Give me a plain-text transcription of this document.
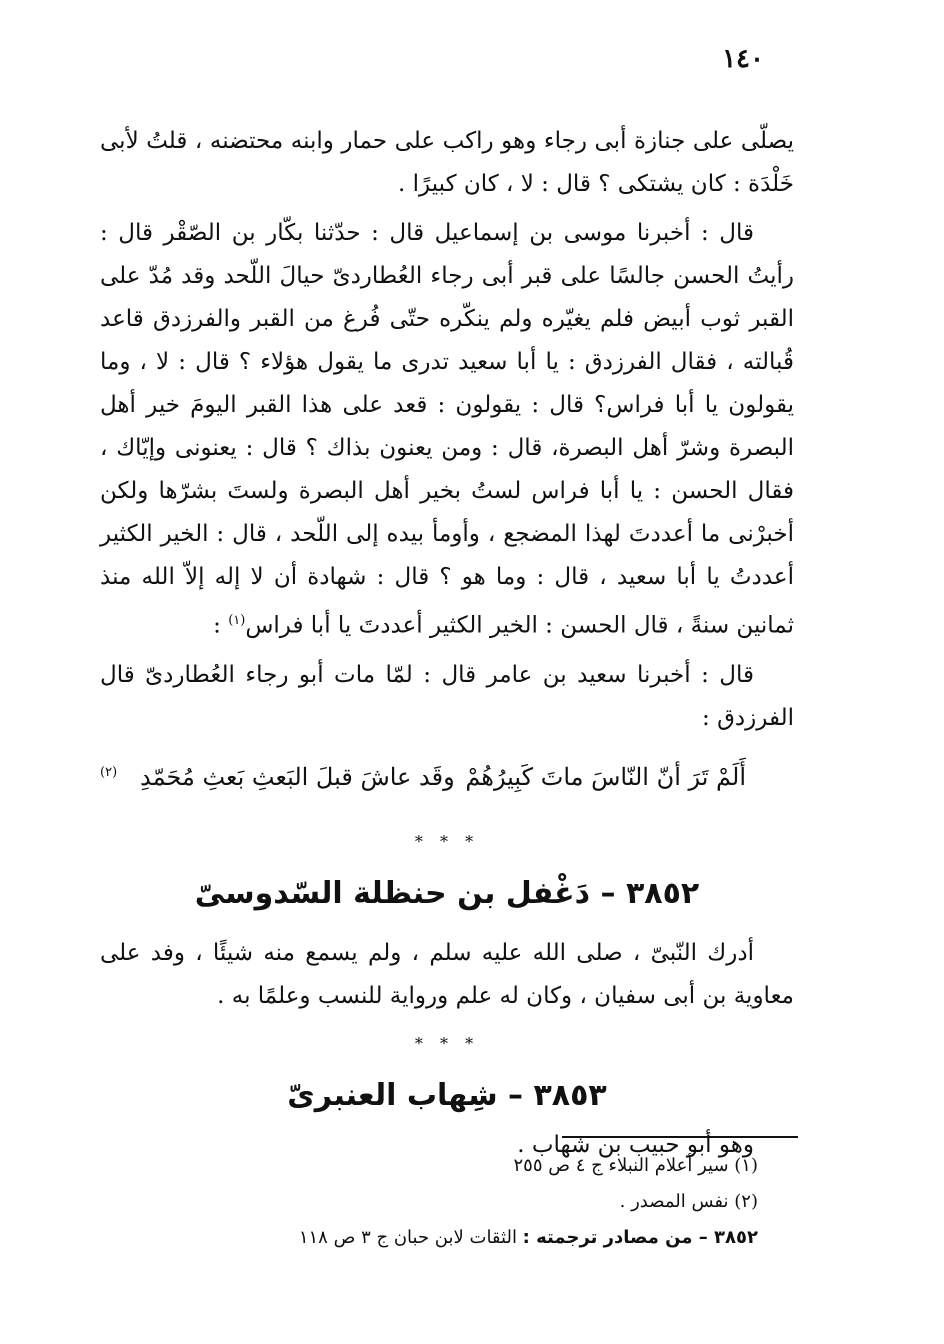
١٤٠

يصلّى على جنازة أبى رجاء وهو راكب على حمار وابنه محتضنه ، قلتُ لأبى خَلْدَة : كان يشتكى ؟ قال : لا ، كان كبيرًا .

قال : أخبرنا موسى بن إسماعيل قال : حدّثنا بكّار بن الصّقْر قال : رأيتُ الحسن جالسًا على قبر أبى رجاء العُطاردىّ حيالَ اللّحد وقد مُدّ على القبر ثوب أبيض فلم يغيّره ولم ينكّره حتّى فُرغ من القبر والفرزدق قاعد قُبالته ، فقال الفرزدق : يا أبا سعيد تدرى ما يقول هؤلاء ؟ قال : لا ، وما يقولون يا أبا فراس؟ قال : يقولون : قعد على هذا القبر اليومَ خير أهل البصرة وشرّ أهل البصرة، قال : ومن يعنون بذاك ؟ قال : يعنونى وإيّاك ، فقال الحسن : يا أبا فراس لستُ بخير أهل البصرة ولستَ بشرّها ولكن أخبرْنى ما أعددتَ لهذا المضجع ، وأومأ بيده إلى اللّحد ، قال : الخير الكثير أعددتُ يا أبا سعيد ، قال : وما هو ؟ قال : شهادة أن لا إله إلاّ الله منذ ثمانين سنةً ، قال الحسن : الخير الكثير أعددتَ يا أبا فراس$^{(١)}$ :

قال : أخبرنا سعيد بن عامر قال : لمّا مات أبو رجاء العُطاردىّ قال الفرزدق :

أَلَمْ تَرَ أنّ النّاسَ ماتَ كَبِيرُهُمْ
وقَد عاشَ قبلَ البَعثِ بَعثِ مُحَمّدِ   $^{(٢)}$

* * *

٣٨٥٢ – دَغْفل بن حنظلة السّدوسىّ

أدرك النّبىّ ، صلى الله عليه سلم ، ولم يسمع منه شيئًا ، وفد على معاوية بن أبى سفيان ، وكان له علم ورواية للنسب وعلمًا به .

* * *

٣٨٥٣ – شِهاب العنبرىّ

وهو أبو حبيب بن شهاب .

(١) سير أعلام النبلاء ج ٤ ص ٢٥٥

(٢) نفس المصدر .

٣٨٥٢ – من مصادر ترجمته : الثقات لابن حبان ج ٣ ص ١١٨
